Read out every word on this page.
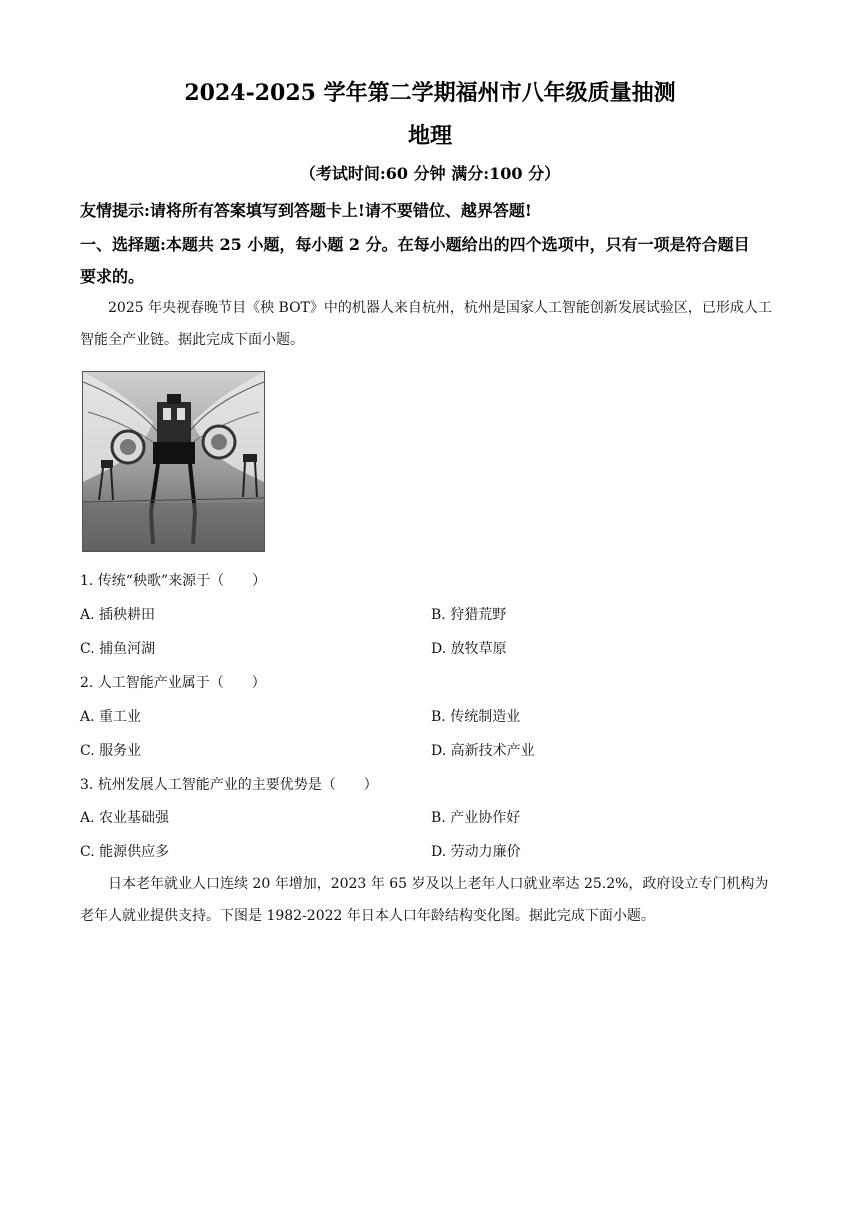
2024-2025 学年第二学期福州市八年级质量抽测
地理
（考试时间:60 分钟 满分:100 分）
友情提示:请将所有答案填写到答题卡上!请不要错位、越界答题!
一、选择题:本题共 25 小题，每小题 2 分。在每小题给出的四个选项中，只有一项是符合题目
要求的。
2025 年央视春晚节目《秧 BOT》中的机器人来自杭州，杭州是国家人工智能创新发展试验区，已形成人工智能全产业链。据此完成下面小题。
1. 传统“秧歌”来源于（　　）
A. 插秧耕田	B. 狩猎荒野
C. 捕鱼河湖	D. 放牧草原
2. 人工智能产业属于（　　）
A. 重工业	B. 传统制造业
C. 服务业	D. 高新技术产业
3. 杭州发展人工智能产业的主要优势是（　　）
A. 农业基础强	B. 产业协作好
C. 能源供应多	D. 劳动力廉价
日本老年就业人口连续 20 年增加，2023 年 65 岁及以上老年人口就业率达 25.2%，政府设立专门机构为老年人就业提供支持。下图是 1982-2022 年日本人口年龄结构变化图。据此完成下面小题。
